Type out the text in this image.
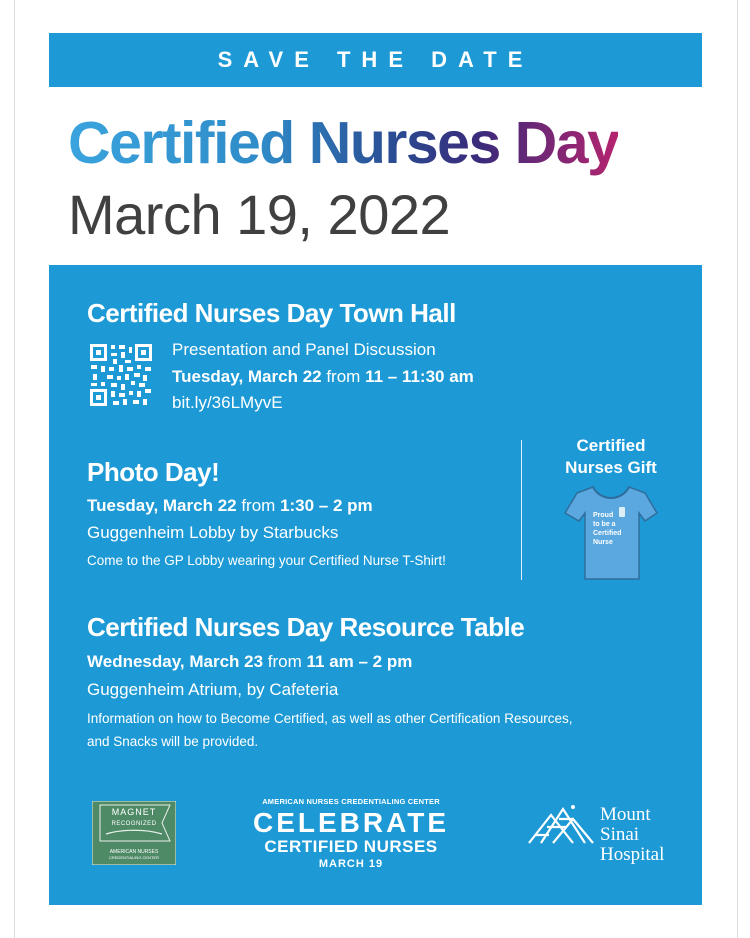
SAVE THE DATE
Certified Nurses Day
March 19, 2022
Certified Nurses Day Town Hall
Presentation and Panel Discussion
Tuesday, March 22 from 11 – 11:30 am
bit.ly/36LMyvE
Photo Day!
Tuesday, March 22 from 1:30 – 2 pm
Guggenheim Lobby by Starbucks
Come to the GP Lobby wearing your Certified Nurse T-Shirt!
Certified
Nurses Gift
Proud
to be a
Certified
Nurse
Certified Nurses Day Resource Table
Wednesday, March 23 from 11 am – 2 pm
Guggenheim Atrium, by Cafeteria
Information on how to Become Certified, as well as other Certification Resources,
and Snacks will be provided.
MAGNET
RECOGNIZED
AMERICAN NURSES
CREDENTIALING CENTER
AMERICAN NURSES CREDENTIALING CENTER
CELEBRATE
CERTIFIED NURSES
MARCH 19
Mount
Sinai
Hospital
